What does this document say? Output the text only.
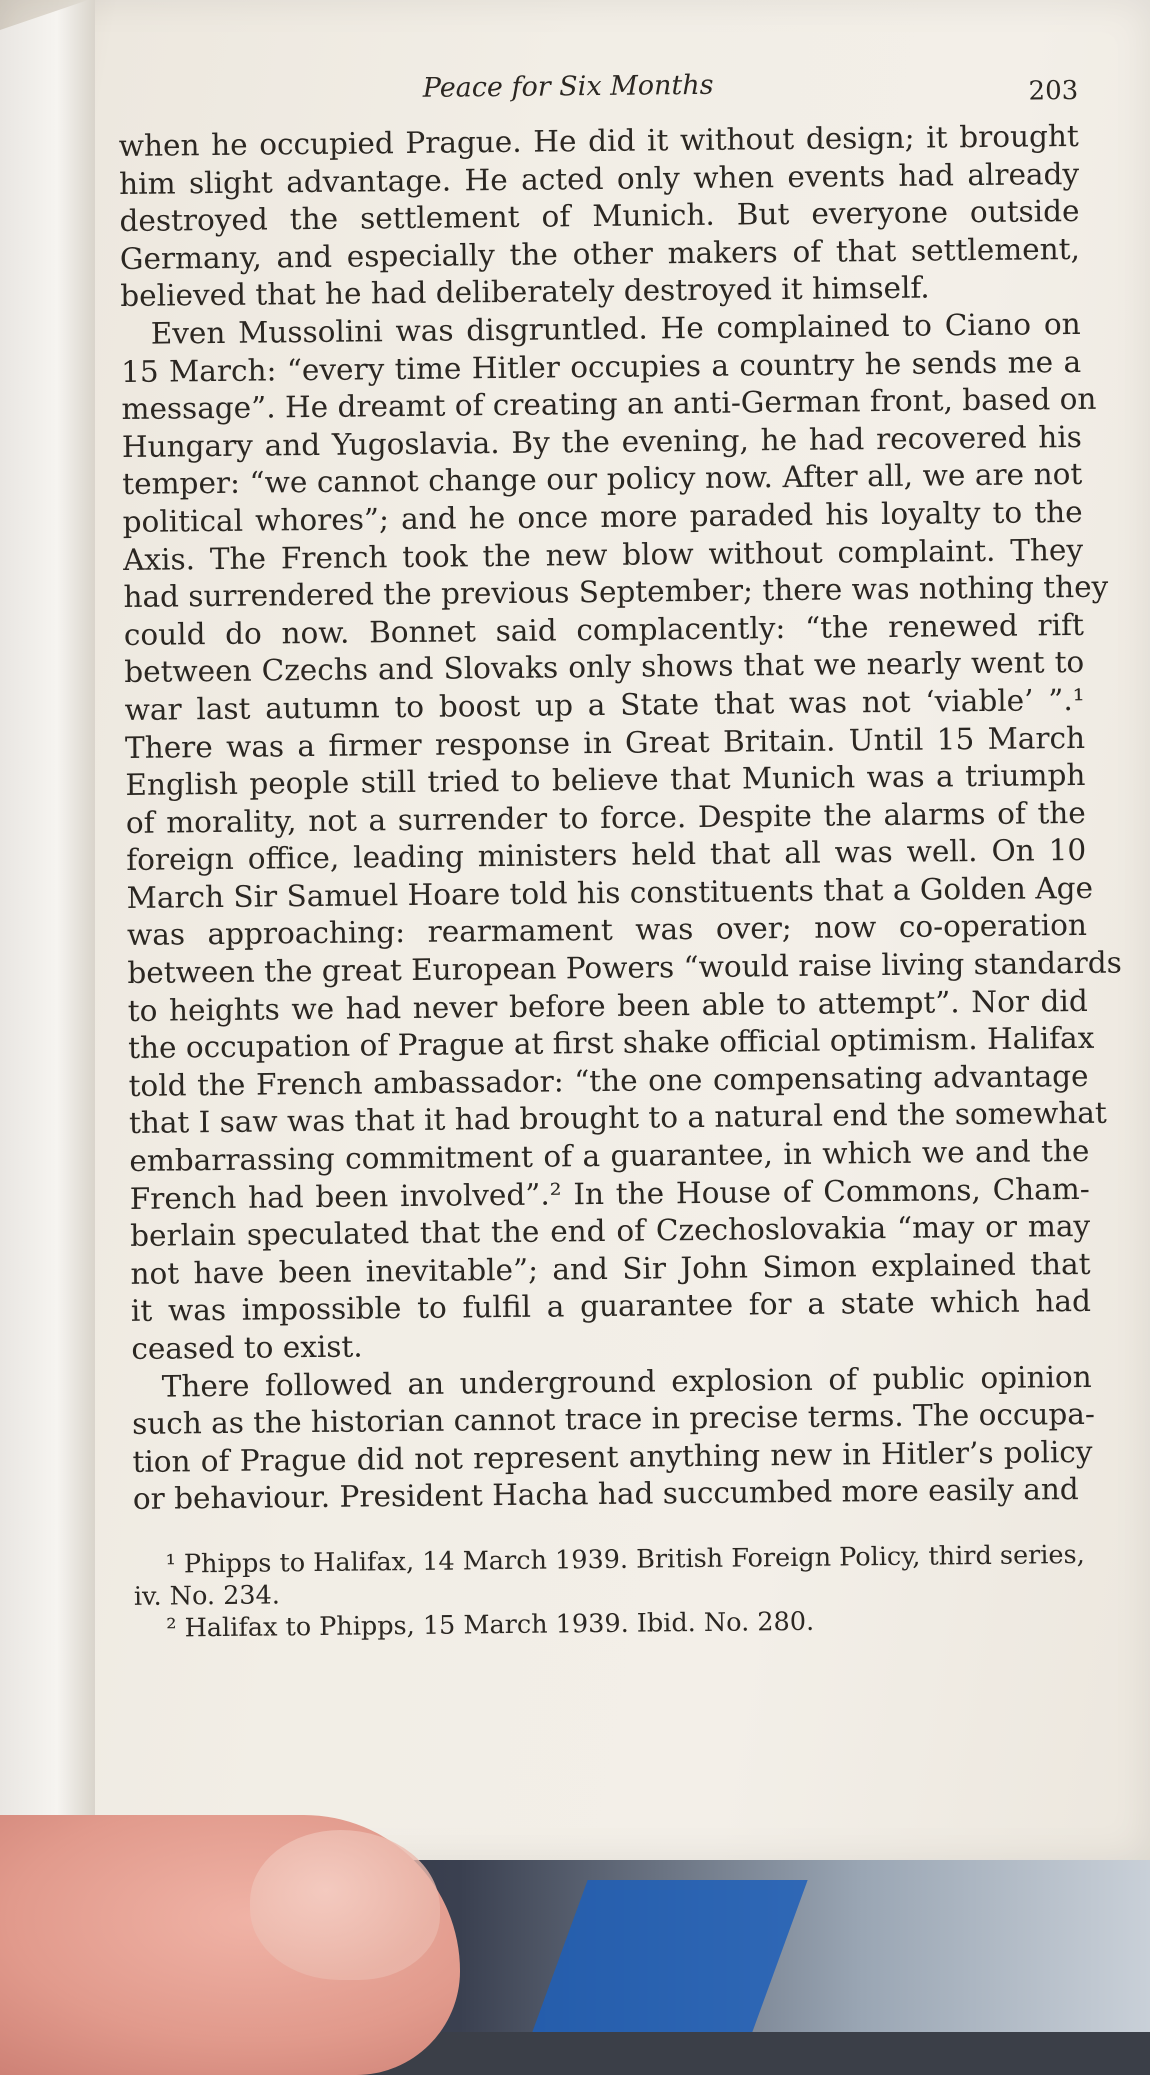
Peace for Six Months	203

when he occupied Prague. He did it without design; it brought
him slight advantage. He acted only when events had already
destroyed the settlement of Munich. But everyone outside
Germany, and especially the other makers of that settlement,
believed that he had deliberately destroyed it himself.

Even Mussolini was disgruntled. He complained to Ciano on
15 March: “every time Hitler occupies a country he sends me a
message”. He dreamt of creating an anti-German front, based on
Hungary and Yugoslavia. By the evening, he had recovered his
temper: “we cannot change our policy now. After all, we are not
political whores”; and he once more paraded his loyalty to the
Axis. The French took the new blow without complaint. They
had surrendered the previous September; there was nothing they
could do now. Bonnet said complacently: “the renewed rift
between Czechs and Slovaks only shows that we nearly went to
war last autumn to boost up a State that was not ‘viable’ ”.¹
There was a firmer response in Great Britain. Until 15 March
English people still tried to believe that Munich was a triumph
of morality, not a surrender to force. Despite the alarms of the
foreign office, leading ministers held that all was well. On 10
March Sir Samuel Hoare told his constituents that a Golden Age
was approaching: rearmament was over; now co-operation
between the great European Powers “would raise living standards
to heights we had never before been able to attempt”. Nor did
the occupation of Prague at first shake official optimism. Halifax
told the French ambassador: “the one compensating advantage
that I saw was that it had brought to a natural end the somewhat
embarrassing commitment of a guarantee, in which we and the
French had been involved”.² In the House of Commons, Cham-
berlain speculated that the end of Czechoslovakia “may or may
not have been inevitable”; and Sir John Simon explained that
it was impossible to fulfil a guarantee for a state which had
ceased to exist.

There followed an underground explosion of public opinion
such as the historian cannot trace in precise terms. The occupa-
tion of Prague did not represent anything new in Hitler’s policy
or behaviour. President Hacha had succumbed more easily and

¹ Phipps to Halifax, 14 March 1939. British Foreign Policy, third series,
iv. No. 234.
² Halifax to Phipps, 15 March 1939. Ibid. No. 280.
